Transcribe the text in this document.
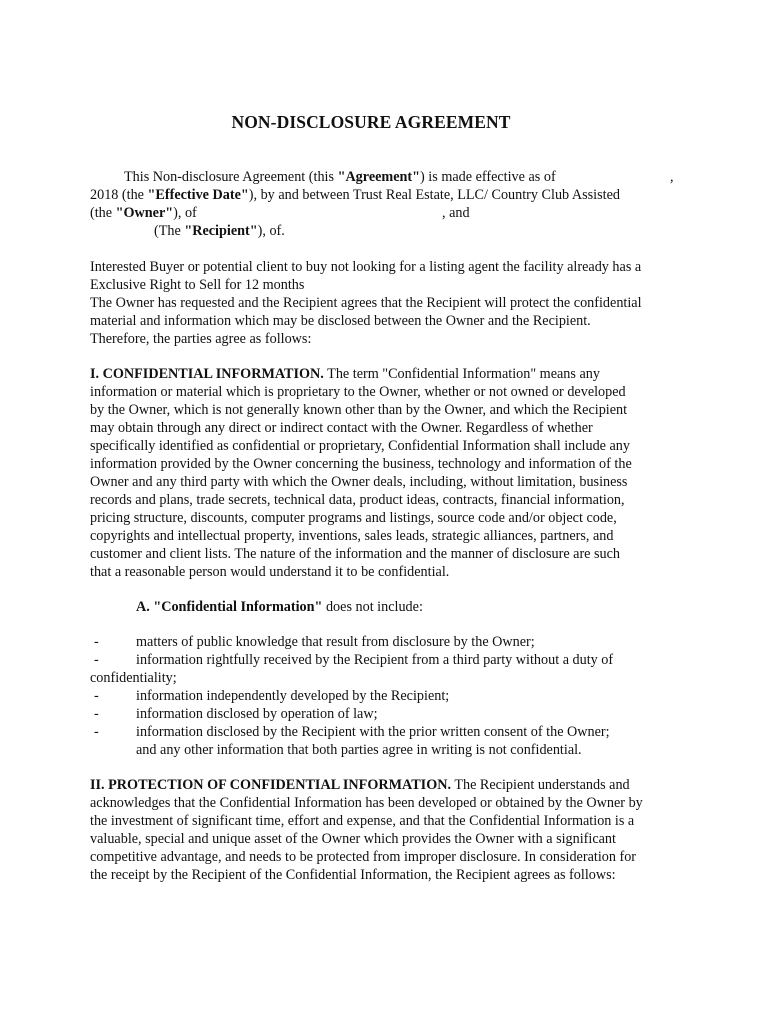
NON-DISCLOSURE AGREEMENT
This Non-disclosure Agreement (this "Agreement") is made effective as of	,
2018 (the "Effective Date"), by and between Trust Real Estate, LLC/ Country Club Assisted
(the "Owner"), of	, and
(The "Recipient"), of.
Interested Buyer or potential client to buy not looking for a listing agent the facility already has a
Exclusive Right to Sell for 12 months
The Owner has requested and the Recipient agrees that the Recipient will protect the confidential
material and information which may be disclosed between the Owner and the Recipient.
Therefore, the parties agree as follows:
I. CONFIDENTIAL INFORMATION. The term "Confidential Information" means any
information or material which is proprietary to the Owner, whether or not owned or developed
by the Owner, which is not generally known other than by the Owner, and which the Recipient
may obtain through any direct or indirect contact with the Owner. Regardless of whether
specifically identified as confidential or proprietary, Confidential Information shall include any
information provided by the Owner concerning the business, technology and information of the
Owner and any third party with which the Owner deals, including, without limitation, business
records and plans, trade secrets, technical data, product ideas, contracts, financial information,
pricing structure, discounts, computer programs and listings, source code and/or object code,
copyrights and intellectual property, inventions, sales leads, strategic alliances, partners, and
customer and client lists. The nature of the information and the manner of disclosure are such
that a reasonable person would understand it to be confidential.
A. "Confidential Information" does not include:
-	matters of public knowledge that result from disclosure by the Owner;
-	information rightfully received by the Recipient from a third party without a duty of
confidentiality;
-	information independently developed by the Recipient;
-	information disclosed by operation of law;
-	information disclosed by the Recipient with the prior written consent of the Owner;
and any other information that both parties agree in writing is not confidential.
II. PROTECTION OF CONFIDENTIAL INFORMATION. The Recipient understands and
acknowledges that the Confidential Information has been developed or obtained by the Owner by
the investment of significant time, effort and expense, and that the Confidential Information is a
valuable, special and unique asset of the Owner which provides the Owner with a significant
competitive advantage, and needs to be protected from improper disclosure. In consideration for
the receipt by the Recipient of the Confidential Information, the Recipient agrees as follows:
